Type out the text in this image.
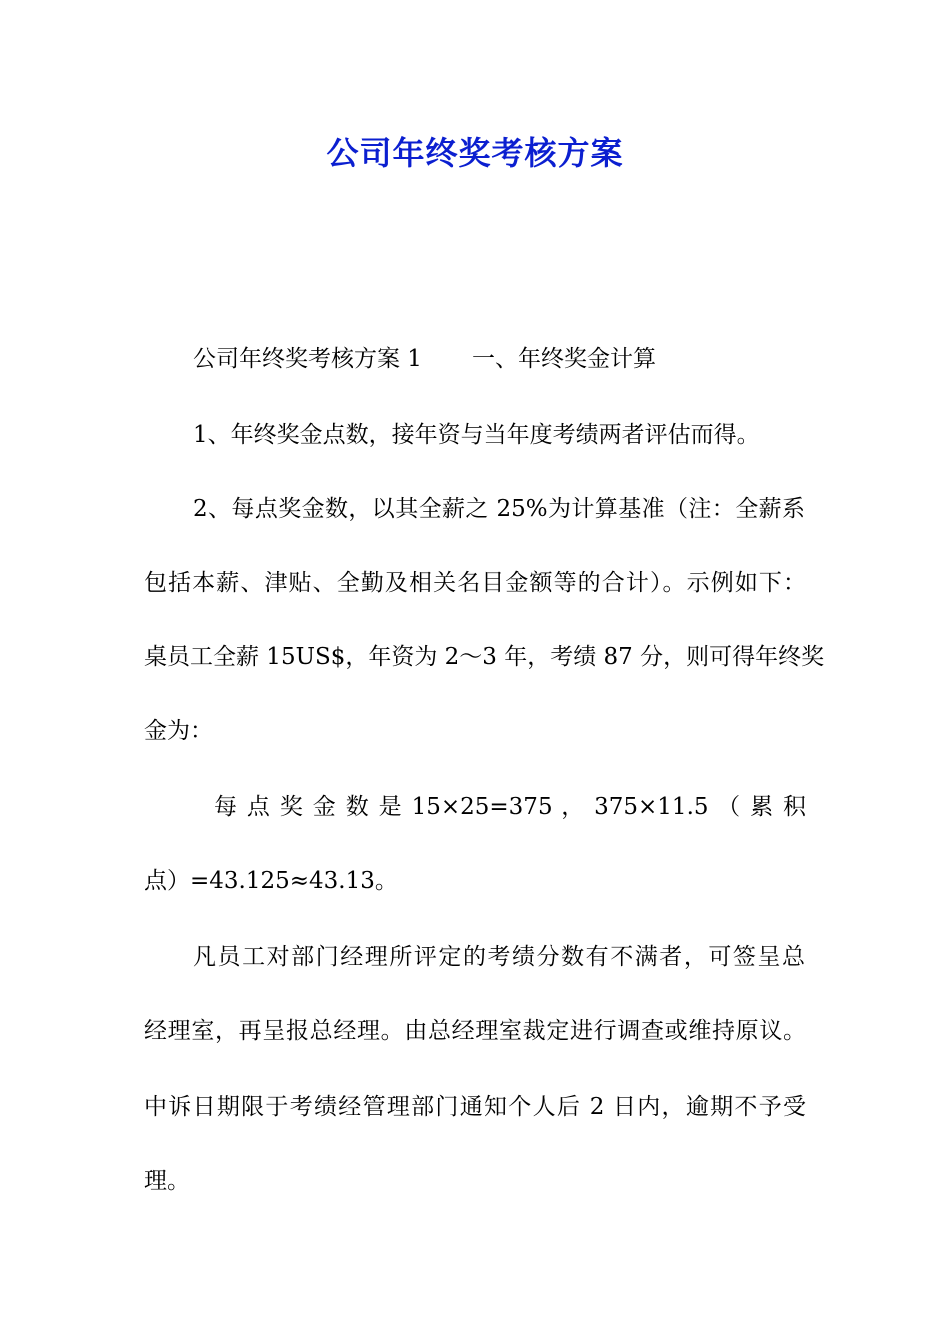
公司年终奖考核方案
公司年终奖考核方案 1 一、年终奖金计算
1、年终奖金点数，接年资与当年度考绩两者评估而得。
2、每点奖金数，以其全薪之 25%为计算基准（注：全薪系
包括本薪、津贴、全勤及相关名目金额等的合计）。示例如下：
桌员工全薪 15US$，年资为 2～3 年，考绩 87 分，则可得年终奖
金为：
每 点 奖 金 数 是 15×25=375 ， 375×11.5 （ 累 积
点）=43.125≈43.13。
凡员工对部门经理所评定的考绩分数有不满者，可签呈总
经理室，再呈报总经理。由总经理室裁定进行调查或维持原议。
中诉日期限于考绩经管理部门通知个人后 2 日内，逾期不予受
理。
